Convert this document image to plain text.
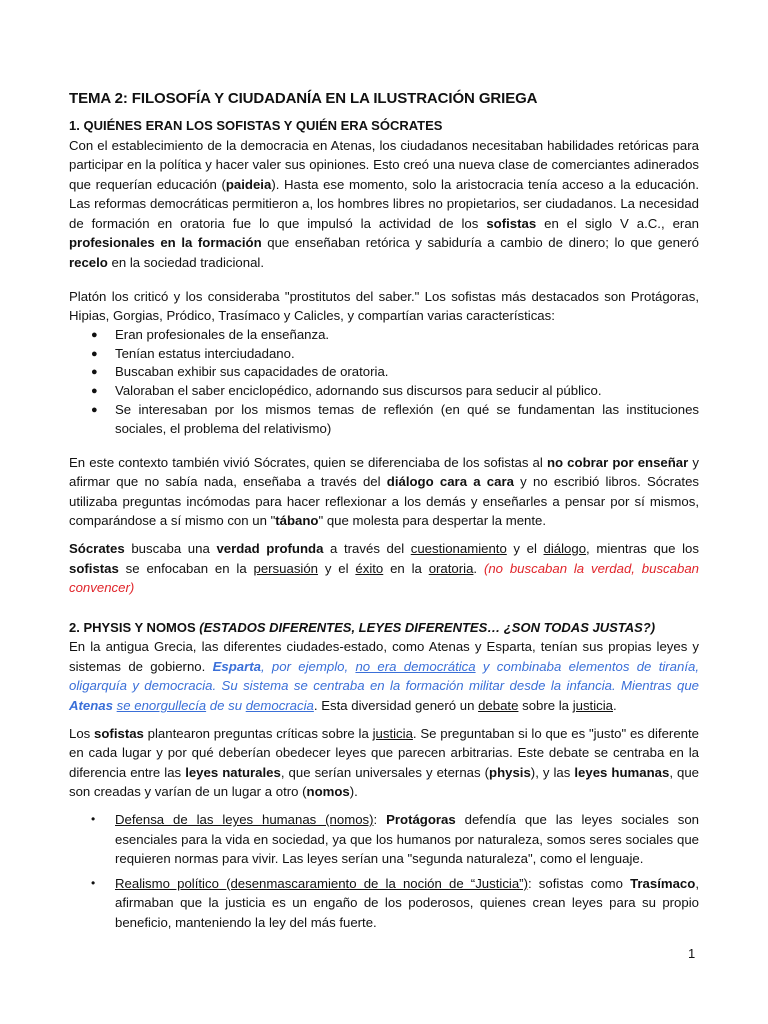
TEMA 2: FILOSOFÍA Y CIUDADANÍA EN LA ILUSTRACIÓN GRIEGA
1. QUIÉNES ERAN LOS SOFISTAS Y QUIÉN ERA SÓCRATES

Con el establecimiento de la democracia en Atenas, los ciudadanos necesitaban habilidades retóricas para participar en la política y hacer valer sus opiniones. Esto creó una nueva clase de comerciantes adinerados que requerían educación (paideia). Hasta ese momento, solo la aristocracia tenía acceso a la educación. Las reformas democráticas permitieron a, los hombres libres no propietarios, ser ciudadanos. La necesidad de formación en oratoria fue lo que impulsó la actividad de los sofistas en el siglo V a.C., eran profesionales en la formación que enseñaban retórica y sabiduría a cambio de dinero; lo que generó recelo en la sociedad tradicional.

Platón los criticó y los consideraba "prostitutos del saber." Los sofistas más destacados son Protágoras, Hipias, Gorgias, Pródico, Trasímaco y Calicles, y compartían varias características:

● Eran profesionales de la enseñanza.
● Tenían estatus interciudadano.
● Buscaban exhibir sus capacidades de oratoria.
● Valoraban el saber enciclopédico, adornando sus discursos para seducir al público.
● Se interesaban por los mismos temas de reflexión (en qué se fundamentan las instituciones sociales, el problema del relativismo)

En este contexto también vivió Sócrates, quien se diferenciaba de los sofistas al no cobrar por enseñar y afirmar que no sabía nada, enseñaba a través del diálogo cara a cara y no escribió libros. Sócrates utilizaba preguntas incómodas para hacer reflexionar a los demás y enseñarles a pensar por sí mismos, comparándose a sí mismo con un "tábano" que molesta para despertar la mente.

Sócrates buscaba una verdad profunda a través del cuestionamiento y el diálogo, mientras que los sofistas se enfocaban en la persuasión y el éxito en la oratoria. (no buscaban la verdad, buscaban convencer)

2. PHYSIS Y NOMOS (ESTADOS DIFERENTES, LEYES DIFERENTES… ¿SON TODAS JUSTAS?)

En la antigua Grecia, las diferentes ciudades-estado, como Atenas y Esparta, tenían sus propias leyes y sistemas de gobierno. Esparta, por ejemplo, no era democrática y combinaba elementos de tiranía, oligarquía y democracia. Su sistema se centraba en la formación militar desde la infancia. Mientras que Atenas se enorgullecía de su democracia. Esta diversidad generó un debate sobre la justicia.

Los sofistas plantearon preguntas críticas sobre la justicia. Se preguntaban si lo que es "justo" es diferente en cada lugar y por qué deberían obedecer leyes que parecen arbitrarias. Este debate se centraba en la diferencia entre las leyes naturales, que serían universales y eternas (physis), y las leyes humanas, que son creadas y varían de un lugar a otro (nomos).

• Defensa de las leyes humanas (nomos): Protágoras defendía que las leyes sociales son esenciales para la vida en sociedad, ya que los humanos por naturaleza, somos seres sociales que requieren normas para vivir. Las leyes serían una "segunda naturaleza", como el lenguaje.
• Realismo político (desenmascaramiento de la noción de “Justicia”): sofistas como Trasímaco, afirmaban que la justicia es un engaño de los poderosos, quienes crean leyes para su propio beneficio, manteniendo la ley del más fuerte.
1
